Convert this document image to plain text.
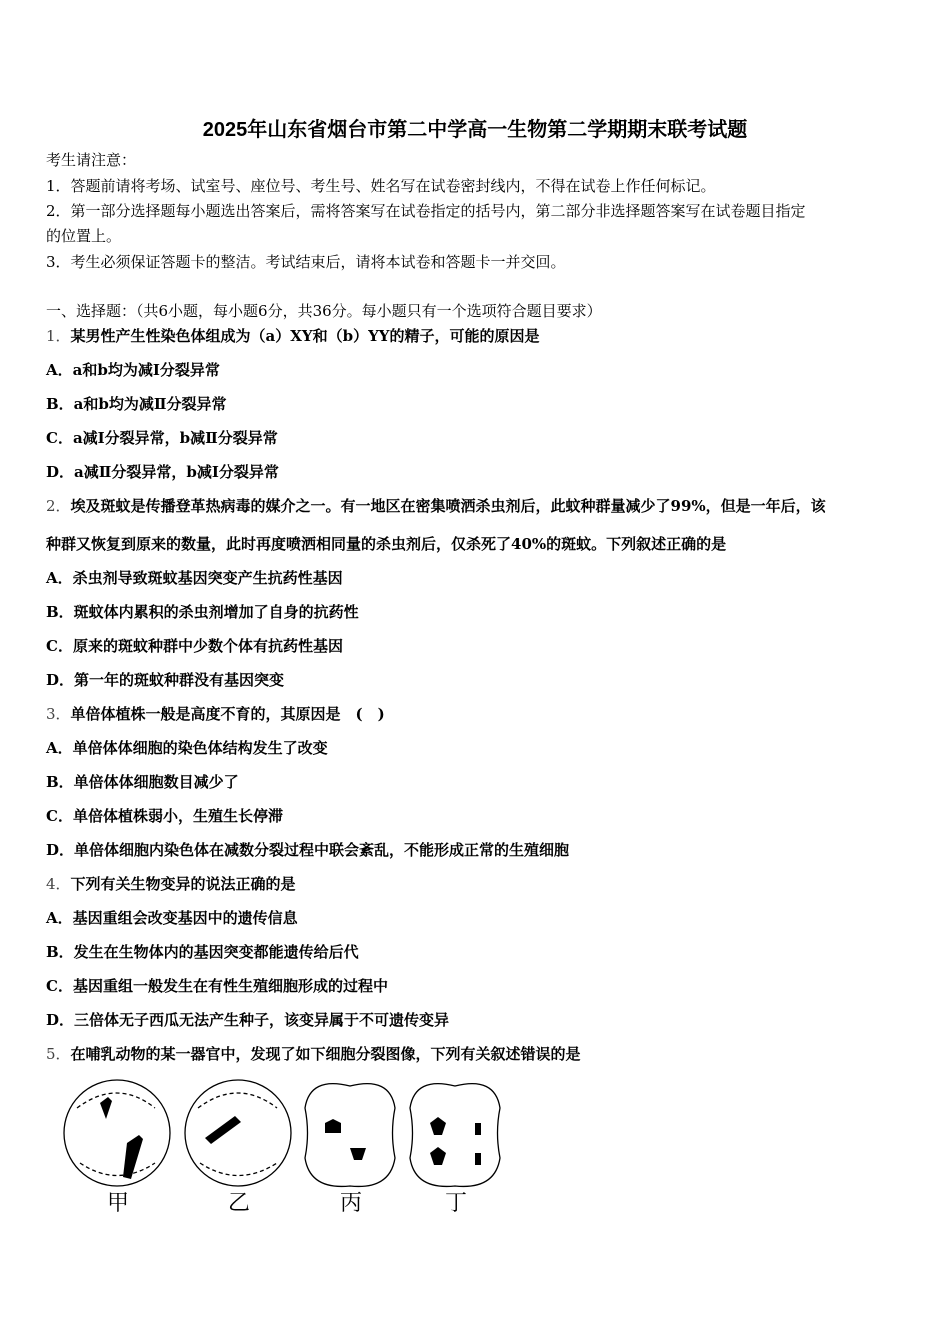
2025年山东省烟台市第二中学高一生物第二学期期末联考试题
考生请注意：
1．答题前请将考场、试室号、座位号、考生号、姓名写在试卷密封线内，不得在试卷上作任何标记。
2．第一部分选择题每小题选出答案后，需将答案写在试卷指定的括号内，第二部分非选择题答案写在试卷题目指定
的位置上。
3．考生必须保证答题卡的整洁。考试结束后，请将本试卷和答题卡一并交回。
一、选择题：（共6小题，每小题6分，共36分。每小题只有一个选项符合题目要求）
1．某男性产生性染色体组成为（a）XY和（b）YY的精子，可能的原因是
A．a和b均为减Ⅰ分裂异常
B．a和b均为减Ⅱ分裂异常
C．a减Ⅰ分裂异常，b减Ⅱ分裂异常
D．a减Ⅱ分裂异常，b减Ⅰ分裂异常
2．埃及斑蚊是传播登革热病毒的媒介之一。有一地区在密集喷洒杀虫剂后，此蚊种群量减少了99%，但是一年后，该
种群又恢复到原来的数量，此时再度喷洒相同量的杀虫剂后，仅杀死了40%的斑蚊。下列叙述正确的是
A．杀虫剂导致斑蚊基因突变产生抗药性基因
B．斑蚊体内累积的杀虫剂增加了自身的抗药性
C．原来的斑蚊种群中少数个体有抗药性基因
D．第一年的斑蚊种群没有基因突变
3．单倍体植株一般是高度不育的，其原因是　(　)
A．单倍体体细胞的染色体结构发生了改变
B．单倍体体细胞数目减少了
C．单倍体植株弱小，生殖生长停滞
D．单倍体细胞内染色体在减数分裂过程中联会紊乱，不能形成正常的生殖细胞
4．下列有关生物变异的说法正确的是
A．基因重组会改变基因中的遗传信息
B．发生在生物体内的基因突变都能遗传给后代
C．基因重组一般发生在有性生殖细胞形成的过程中
D．三倍体无子西瓜无法产生种子，该变异属于不可遗传变异
5．在哺乳动物的某一器官中，发现了如下细胞分裂图像，下列有关叙述错误的是
甲	乙	丙	丁
